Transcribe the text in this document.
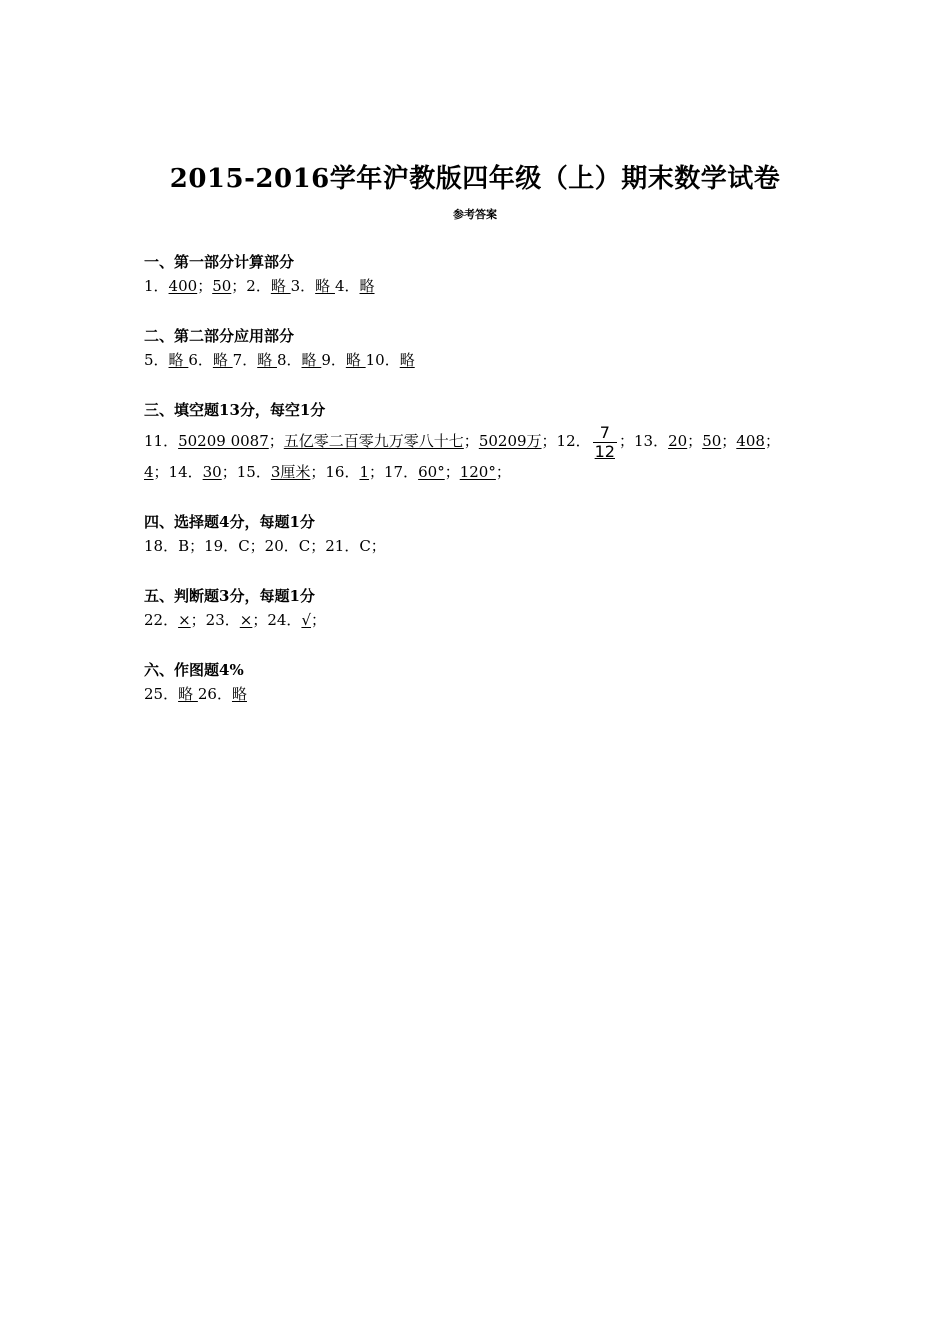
2015-2016学年沪教版四年级（上）期末数学试卷
参考答案
一、第一部分计算部分
1．400；50；2．略 3．略 4．略
二、第二部分应用部分
5．略 6．略 7．略 8．略 9．略 10．略
三、填空题13分，每空1分
11．50209 0087；五亿零二百零九万零八十七；50209万；12． $\frac{7}{12}$ ；13．20；50；408；
4；14．30；15．3厘米；16．1；17．60°；120°；
四、选择题4分，每题1分
18．B；19．C；20．C；21．C；
五、判断题3分，每题1分
22．×；23．×；24．√；
六、作图题4%
25．略 26．略
